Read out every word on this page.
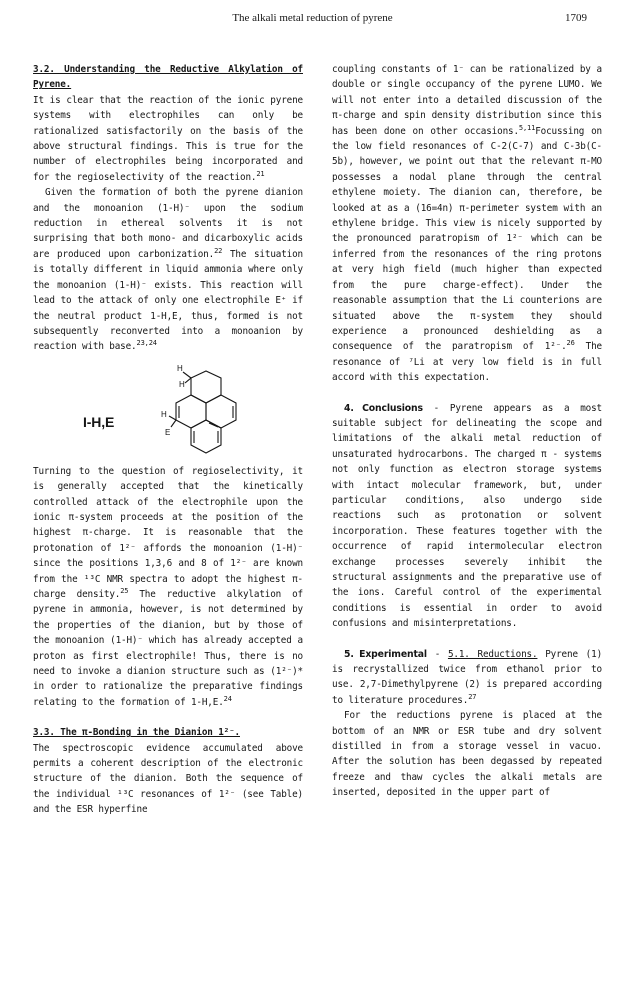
The alkali metal reduction of pyrene	1709
3.2. Understanding the Reductive Alkylation of Pyrene.

It is clear that the reaction of the ionic pyrene systems with electrophiles can only be rationalized satisfactorily on the basis of the above structural findings. This is true for the number of electrophiles being incorporated and for the regioselectivity of the reaction.$^{21}$

Given the formation of both the pyrene dianion and the monoanion (1-H)⁻ upon the sodium reduction in ethereal solvents it is not surprising that both mono- and dicarboxylic acids are produced upon carbonization.$^{22}$ The situation is totally different in liquid ammonia where only the monoanion (1-H)⁻ exists. This reaction will lead to the attack of only one electrophile E⁺ if the neutral product 1-H,E, thus, formed is not subsequently reconverted into a monoanion by reaction with base.$^{23,24}$

I-H,E
H
H
H
E

Turning to the question of regioselectivity, it is generally accepted that the kinetically controlled attack of the electrophile upon the ionic π-system proceeds at the position of the highest π-charge. It is reasonable that the protonation of 1²⁻ affords the monoanion (1-H)⁻ since the positions 1,3,6 and 8 of 1²⁻ are known from the ¹³C NMR spectra to adopt the highest π- charge density.$^{25}$ The reductive alkylation of pyrene in ammonia, however, is not determined by the properties of the dianion, but by those of the monoanion (1-H)⁻ which has already accepted a proton as first electrophile! Thus, there is no need to invoke a dianion structure such as (1²⁻)* in order to rationalize the preparative findings relating to the formation of 1-H,E.$^{24}$

3.3. The π-Bonding in the Dianion 1²⁻.

The spectroscopic evidence accumulated above permits a coherent description of the electronic structure of the dianion. Both the sequence of the individual ¹³C resonances of 1²⁻ (see Table) and the ESR hyperfine

coupling constants of 1⁻ can be rationalized by a double or single occupancy of the pyrene LUMO. We will not enter into a detailed discussion of the π-charge and spin density distribution since this has been done on other occasions.$^{5,11}$Focussing on the low field resonances of C-2(C-7) and C-3b(C-5b), however, we point out that the relevant π-MO possesses a nodal plane through the central ethylene moiety. The dianion can, therefore, be looked at as a (16=4n) π-perimeter system with an ethylene bridge. This view is nicely supported by the pronounced paratropism of 1²⁻ which can be inferred from the resonances of the ring protons at very high field (much higher than expected from the pure charge-effect). Under the reasonable assumption that the Li counterions are situated above the π-system they should experience a pronounced deshielding as a consequence of the paratropism of 1²⁻.$^{26}$ The resonance of ⁷Li at very low field is in full accord with this expectation.

4. Conclusions - Pyrene appears as a most suitable subject for delineating the scope and limitations of the alkali metal reduction of unsaturated hydrocarbons. The charged π - systems not only function as electron storage systems with intact molecular framework, but, under particular conditions, also undergo side reactions such as protonation or solvent incorporation. These features together with the occurrence of rapid intermolecular electron exchange processes severely inhibit the structural assignments and the preparative use of the ions. Careful control of the experimental conditions is essential in order to avoid confusions and misinterpretations.

5. Experimental - 5.1. Reductions. Pyrene (1) is recrystallized twice from ethanol prior to use. 2,7-Dimethylpyrene (2) is prepared according to literature procedures.$^{27}$

For the reductions pyrene is placed at the bottom of an NMR or ESR tube and dry solvent distilled in from a storage vessel in vacuo. After the solution has been degassed by repeated freeze and thaw cycles the alkali metals are inserted, deposited in the upper part of
